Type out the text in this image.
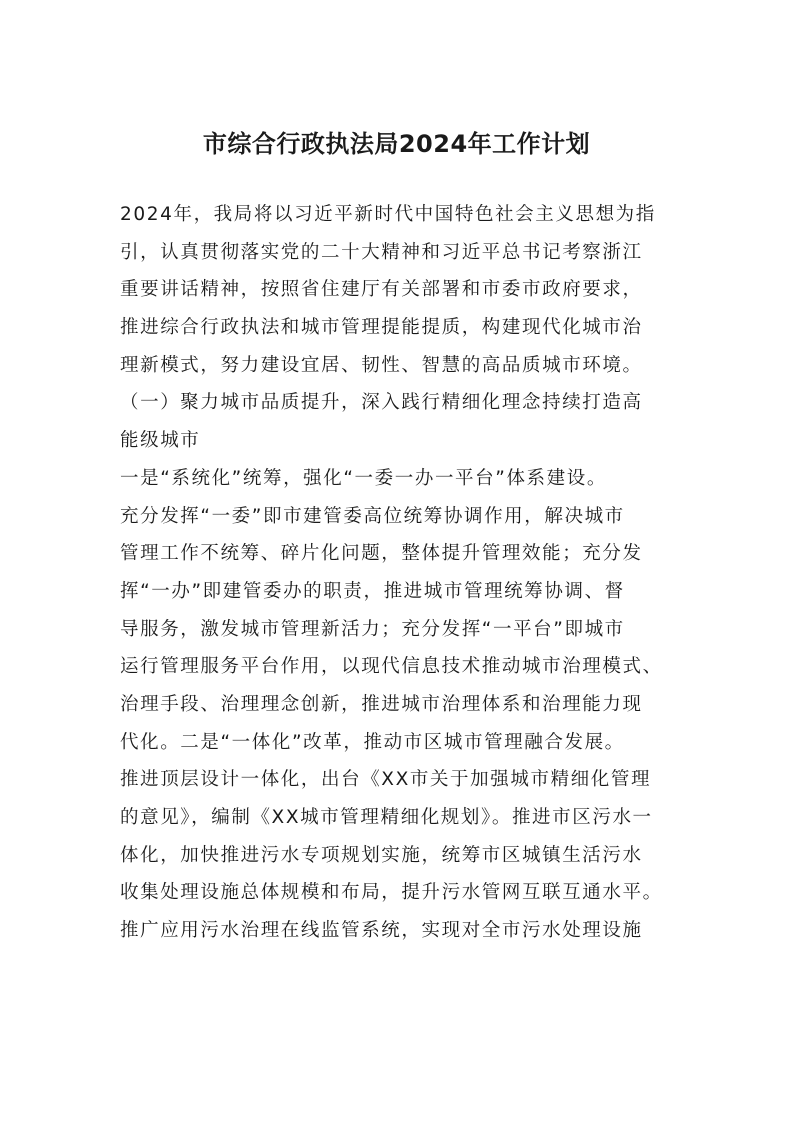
市综合行政执法局2024年工作计划
2024年，我局将以习近平新时代中国特色社会主义思想为指
引，认真贯彻落实党的二十大精神和习近平总书记考察浙江
重要讲话精神，按照省住建厅有关部署和市委市政府要求，
推进综合行政执法和城市管理提能提质，构建现代化城市治
理新模式，努力建设宜居、韧性、智慧的高品质城市环境。
（一）聚力城市品质提升，深入践行精细化理念持续打造高
能级城市
一是“系统化”统筹，强化“一委一办一平台”体系建设。
充分发挥“一委”即市建管委高位统筹协调作用，解决城市
管理工作不统筹、碎片化问题，整体提升管理效能；充分发
挥“一办”即建管委办的职责，推进城市管理统筹协调、督
导服务，激发城市管理新活力；充分发挥“一平台”即城市
运行管理服务平台作用，以现代信息技术推动城市治理模式、
治理手段、治理理念创新，推进城市治理体系和治理能力现
代化。二是“一体化”改革，推动市区城市管理融合发展。
推进顶层设计一体化，出台《XX市关于加强城市精细化管理
的意见》，编制《XX城市管理精细化规划》。推进市区污水一
体化，加快推进污水专项规划实施，统筹市区城镇生活污水
收集处理设施总体规模和布局，提升污水管网互联互通水平。
推广应用污水治理在线监管系统，实现对全市污水处理设施
